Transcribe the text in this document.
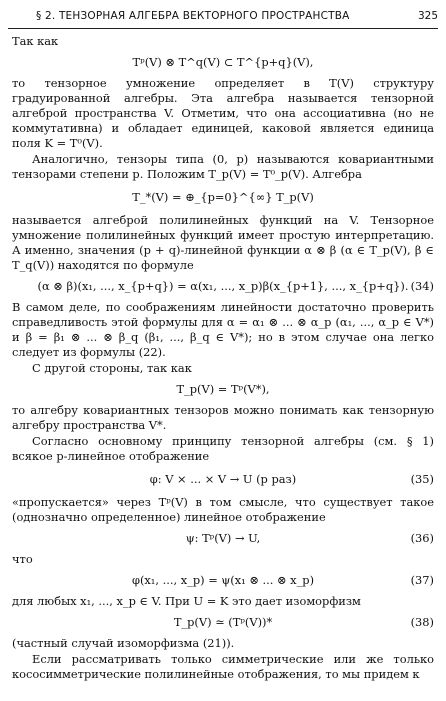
§ 2. ТЕНЗОРНАЯ АЛГЕБРА ВЕКТОРНОГО ПРОСТРАНСТВА	325

Так как

Tᵖ(V) ⊗ T^q(V) ⊂ T^{p+q}(V),

то тензорное умножение определяет в T(V) структуру градуированной алгебры. Эта алгебра называется тензорной алгеброй пространства V. Отметим, что она ассоциативна (но не коммутативна) и обладает единицей, каковой является единица поля K = T⁰(V).

Аналогично, тензоры типа (0, p) называются ковариантными тензорами степени p. Положим T_p(V) = T⁰_p(V). Алгебра

T_*(V) = ⊕_{p=0}^{∞} T_p(V)

называется алгеброй полилинейных функций на V. Тензорное умножение полилинейных функций имеет простую интерпретацию. А именно, значения (p + q)-линейной функции α ⊗ β (α ∈ T_p(V), β ∈ T_q(V)) находятся по формуле

(α ⊗ β)(x₁, ..., x_{p+q}) = α(x₁, ..., x_p)β(x_{p+1}, ..., x_{p+q}). (34)

В самом деле, по соображениям линейности достаточно проверить справедливость этой формулы для α = α₁ ⊗ ... ⊗ α_p (α₁, ..., α_p ∈ V*) и β = β₁ ⊗ ... ⊗ β_q (β₁, ..., β_q ∈ V*); но в этом случае она легко следует из формулы (22).

С другой стороны, так как

T_p(V) = Tᵖ(V*),

то алгебру ковариантных тензоров можно понимать как тензорную алгебру пространства V*.

Согласно основному принципу тензорной алгебры (см. § 1) всякое p-линейное отображение

φ: V × ... × V → U (p раз)	(35)

«пропускается» через Tᵖ(V) в том смысле, что существует такое (однозначно определенное) линейное отображение

ψ: Tᵖ(V) → U,	(36)

что

φ(x₁, ..., x_p) = ψ(x₁ ⊗ ... ⊗ x_p)	(37)

для любых x₁, ..., x_p ∈ V. При U = K это дает изоморфизм

T_p(V) ≃ (Tᵖ(V))*	(38)

(частный случай изоморфизма (21)).

Если рассматривать только симметрические или же только кососимметрические полилинейные отображения, то мы придем к
